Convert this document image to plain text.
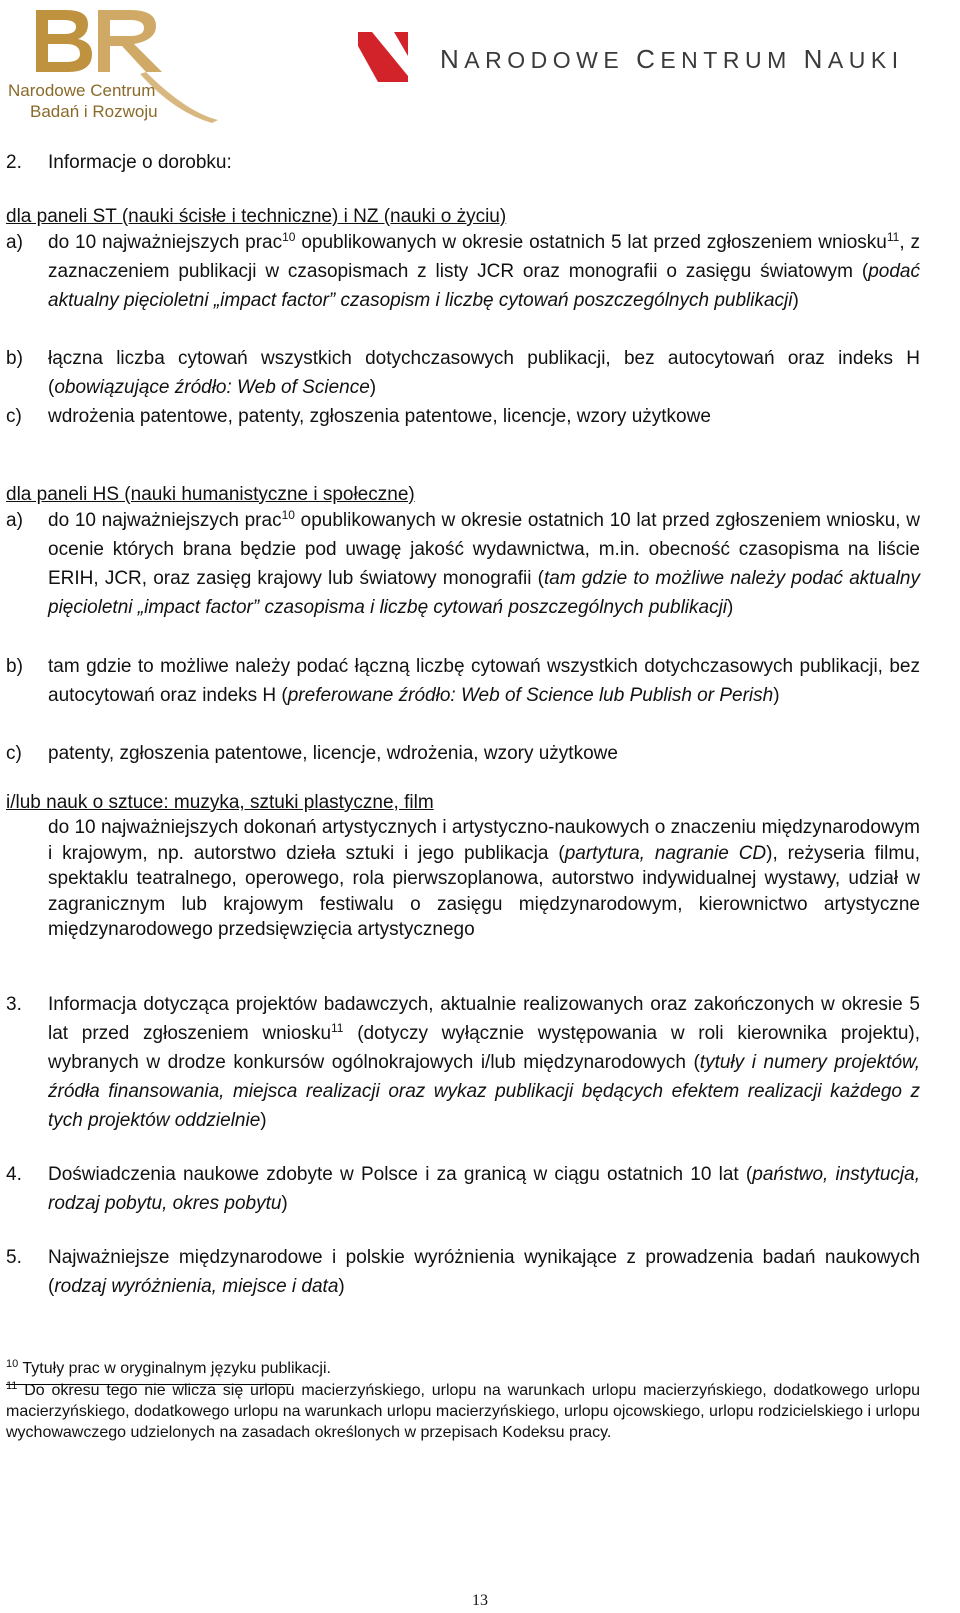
Narodowe Centrum
Badań i Rozwoju
NARODOWE CENTRUM NAUKI
2. Informacje o dorobku:
dla paneli ST (nauki ścisłe i techniczne) i NZ (nauki o życiu)
a) do 10 najważniejszych prac$^{10}$ opublikowanych w okresie ostatnich 5 lat przed zgłoszeniem wniosku$^{11}$, z zaznaczeniem publikacji w czasopismach z listy JCR oraz monografii o zasięgu światowym (podać aktualny pięcioletni „impact factor” czasopism i liczbę cytowań poszczególnych publikacji)
b) łączna liczba cytowań wszystkich dotychczasowych publikacji, bez autocytowań oraz indeks H (obowiązujące źródło: Web of Science)
c) wdrożenia patentowe, patenty, zgłoszenia patentowe, licencje, wzory użytkowe
dla paneli HS (nauki humanistyczne i społeczne)
a) do 10 najważniejszych prac$^{10}$ opublikowanych w okresie ostatnich 10 lat przed zgłoszeniem wniosku, w ocenie których brana będzie pod uwagę jakość wydawnictwa, m.in. obecność czasopisma na liście ERIH, JCR, oraz zasięg krajowy lub światowy monografii (tam gdzie to możliwe należy podać aktualny pięcioletni „impact factor” czasopisma i liczbę cytowań poszczególnych publikacji)
b) tam gdzie to możliwe należy podać łączną liczbę cytowań wszystkich dotychczasowych publikacji, bez autocytowań oraz indeks H (preferowane źródło: Web of Science lub Publish or Perish)
c) patenty, zgłoszenia patentowe, licencje, wdrożenia, wzory użytkowe
i/lub nauk o sztuce: muzyka, sztuki plastyczne, film
do 10 najważniejszych dokonań artystycznych i artystyczno-naukowych o znaczeniu międzynarodowym i krajowym, np. autorstwo dzieła sztuki i jego publikacja (partytura, nagranie CD), reżyseria filmu, spektaklu teatralnego, operowego, rola pierwszoplanowa, autorstwo indywidualnej wystawy, udział w zagranicznym lub krajowym festiwalu o zasięgu międzynarodowym, kierownictwo artystyczne międzynarodowego przedsięwzięcia artystycznego
3. Informacja dotycząca projektów badawczych, aktualnie realizowanych oraz zakończonych w okresie 5 lat przed zgłoszeniem wniosku$^{11}$ (dotyczy wyłącznie występowania w roli kierownika projektu), wybranych w drodze konkursów ogólnokrajowych i/lub międzynarodowych (tytuły i numery projektów, źródła finansowania, miejsca realizacji oraz wykaz publikacji będących efektem realizacji każdego z tych projektów oddzielnie)
4. Doświadczenia naukowe zdobyte w Polsce i za granicą w ciągu ostatnich 10 lat (państwo, instytucja, rodzaj pobytu, okres pobytu)
5. Najważniejsze międzynarodowe i polskie wyróżnienia wynikające z prowadzenia badań naukowych (rodzaj wyróżnienia, miejsce i data)
$^{10}$ Tytuły prac w oryginalnym języku publikacji.
$^{11}$ Do okresu tego nie wlicza się urlopu macierzyńskiego, urlopu na warunkach urlopu macierzyńskiego, dodatkowego urlopu macierzyńskiego, dodatkowego urlopu na warunkach urlopu macierzyńskiego, urlopu ojcowskiego, urlopu rodzicielskiego i urlopu wychowawczego udzielonych na zasadach określonych w przepisach Kodeksu pracy.
13
